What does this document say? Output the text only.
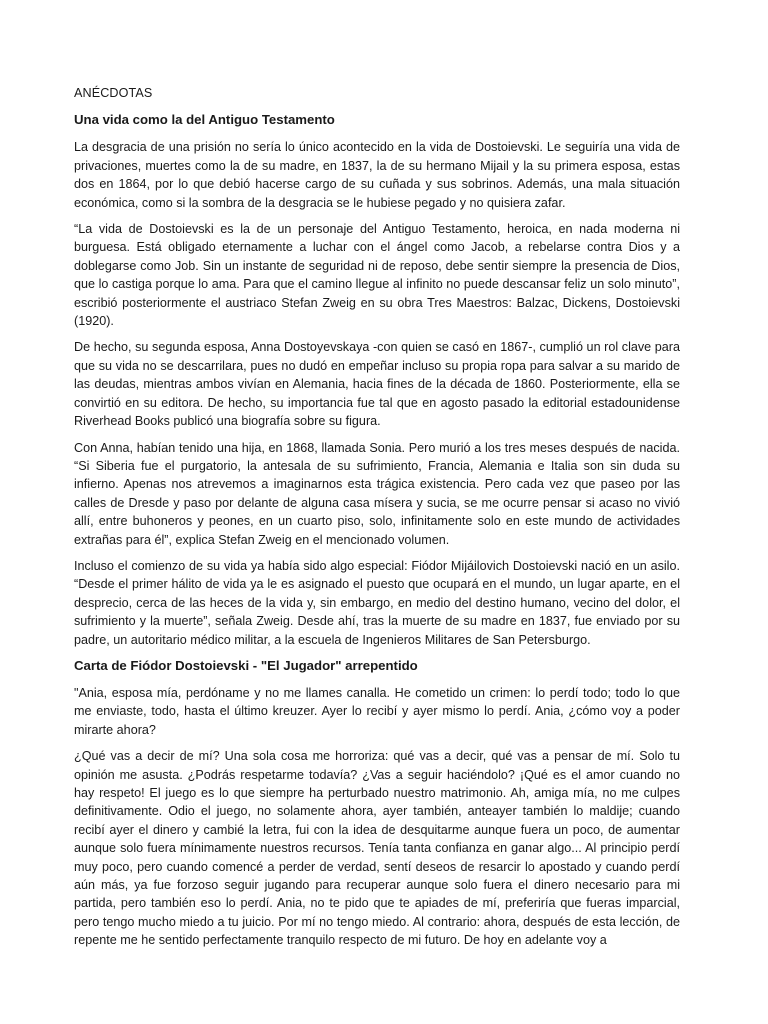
ANÉCDOTAS
Una vida como la del Antiguo Testamento

La desgracia de una prisión no sería lo único acontecido en la vida de Dostoievski. Le seguiría una vida de privaciones, muertes como la de su madre, en 1837, la de su hermano Mijail y la su primera esposa, estas dos en 1864, por lo que debió hacerse cargo de su cuñada y sus sobrinos. Además, una mala situación económica, como si la sombra de la desgracia se le hubiese pegado y no quisiera zafar.

“La vida de Dostoievski es la de un personaje del Antiguo Testamento, heroica, en nada moderna ni burguesa. Está obligado eternamente a luchar con el ángel como Jacob, a rebelarse contra Dios y a doblegarse como Job. Sin un instante de seguridad ni de reposo, debe sentir siempre la presencia de Dios, que lo castiga porque lo ama. Para que el camino llegue al infinito no puede descansar feliz un solo minuto”, escribió posteriormente el austriaco Stefan Zweig en su obra Tres Maestros: Balzac, Dickens, Dostoievski (1920).

De hecho, su segunda esposa, Anna Dostoyevskaya -con quien se casó en 1867-, cumplió un rol clave para que su vida no se descarrilara, pues no dudó en empeñar incluso su propia ropa para salvar a su marido de las deudas, mientras ambos vivían en Alemania, hacia fines de la década de 1860. Posteriormente, ella se convirtió en su editora. De hecho, su importancia fue tal que en agosto pasado la editorial estadounidense Riverhead Books publicó una biografía sobre su figura.

Con Anna, habían tenido una hija, en 1868, llamada Sonia. Pero murió a los tres meses después de nacida. “Si Siberia fue el purgatorio, la antesala de su sufrimiento, Francia, Alemania e Italia son sin duda su infierno. Apenas nos atrevemos a imaginarnos esta trágica existencia. Pero cada vez que paseo por las calles de Dresde y paso por delante de alguna casa mísera y sucia, se me ocurre pensar si acaso no vivió allí, entre buhoneros y peones, en un cuarto piso, solo, infinitamente solo en este mundo de actividades extrañas para él”, explica Stefan Zweig en el mencionado volumen.

Incluso el comienzo de su vida ya había sido algo especial: Fiódor Mijáilovich Dostoievski nació en un asilo. “Desde el primer hálito de vida ya le es asignado el puesto que ocupará en el mundo, un lugar aparte, en el desprecio, cerca de las heces de la vida y, sin embargo, en medio del destino humano, vecino del dolor, el sufrimiento y la muerte”, señala Zweig. Desde ahí, tras la muerte de su madre en 1837, fue enviado por su padre, un autoritario médico militar, a la escuela de Ingenieros Militares de San Petersburgo.

Carta de Fiódor Dostoievski - "El Jugador" arrepentido

"Ania, esposa mía, perdóname y no me llames canalla. He cometido un crimen: lo perdí todo; todo lo que me enviaste, todo, hasta el último kreuzer. Ayer lo recibí y ayer mismo lo perdí. Ania, ¿cómo voy a poder mirarte ahora?

¿Qué vas a decir de mí? Una sola cosa me horroriza: qué vas a decir, qué vas a pensar de mí. Solo tu opinión me asusta. ¿Podrás respetarme todavía? ¿Vas a seguir haciéndolo? ¡Qué es el amor cuando no hay respeto! El juego es lo que siempre ha perturbado nuestro matrimonio. Ah, amiga mía, no me culpes definitivamente. Odio el juego, no solamente ahora, ayer también, anteayer también lo maldije; cuando recibí ayer el dinero y cambié la letra, fui con la idea de desquitarme aunque fuera un poco, de aumentar aunque solo fuera mínimamente nuestros recursos. Tenía tanta confianza en ganar algo... Al principio perdí muy poco, pero cuando comencé a perder de verdad, sentí deseos de resarcir lo apostado y cuando perdí aún más, ya fue forzoso seguir jugando para recuperar aunque solo fuera el dinero necesario para mi partida, pero también eso lo perdí. Ania, no te pido que te apiades de mí, preferiría que fueras imparcial, pero tengo mucho miedo a tu juicio. Por mí no tengo miedo. Al contrario: ahora, después de esta lección, de repente me he sentido perfectamente tranquilo respecto de mi futuro. De hoy en adelante voy a
